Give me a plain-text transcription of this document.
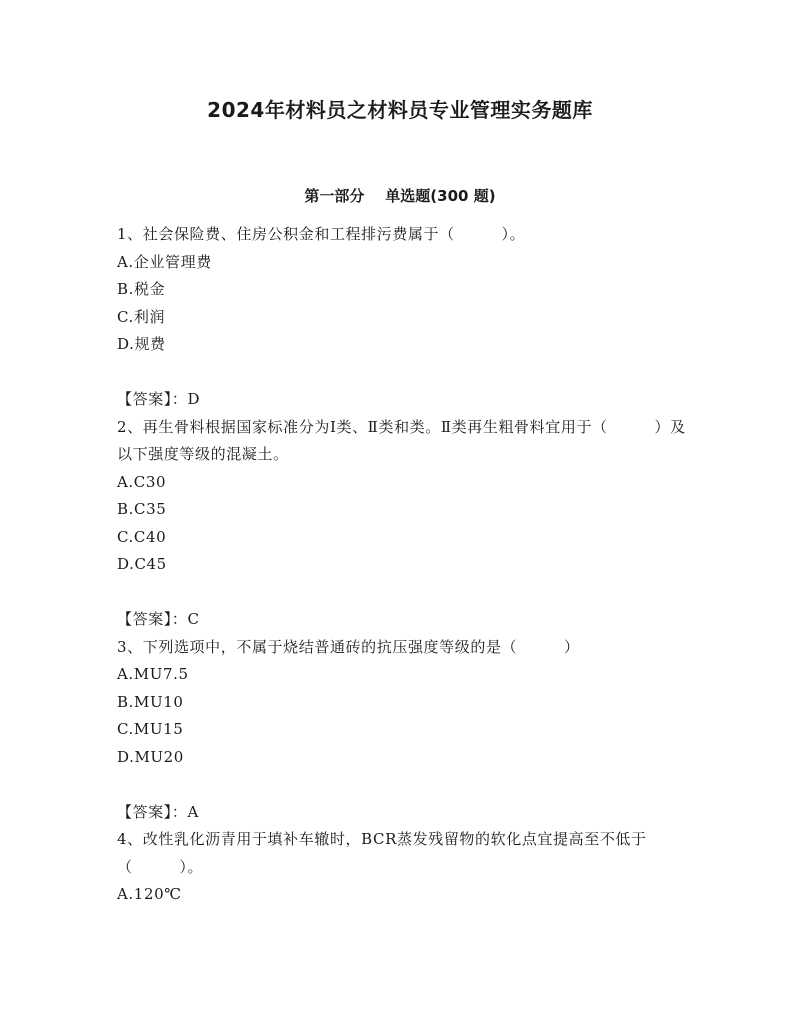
2024年材料员之材料员专业管理实务题库
第一部分    单选题(300 题)

1、社会保险费、住房公积金和工程排污费属于（　　　）。

A.企业管理费

B.税金

C.利润

D.规费

【答案】：D

2、再生骨料根据国家标准分为Ⅰ类、Ⅱ类和类。Ⅱ类再生粗骨料宜用于（　　　）及以下强度等级的混凝土。

A.C30

B.C35

C.C40

D.C45

【答案】：C

3、下列选项中，不属于烧结普通砖的抗压强度等级的是（　　　）

A.MU7.5

B.MU10

C.MU15

D.MU20

【答案】：A

4、改性乳化沥青用于填补车辙时，BCR蒸发残留物的软化点宜提高至不低于（　　　）。

A.120℃
